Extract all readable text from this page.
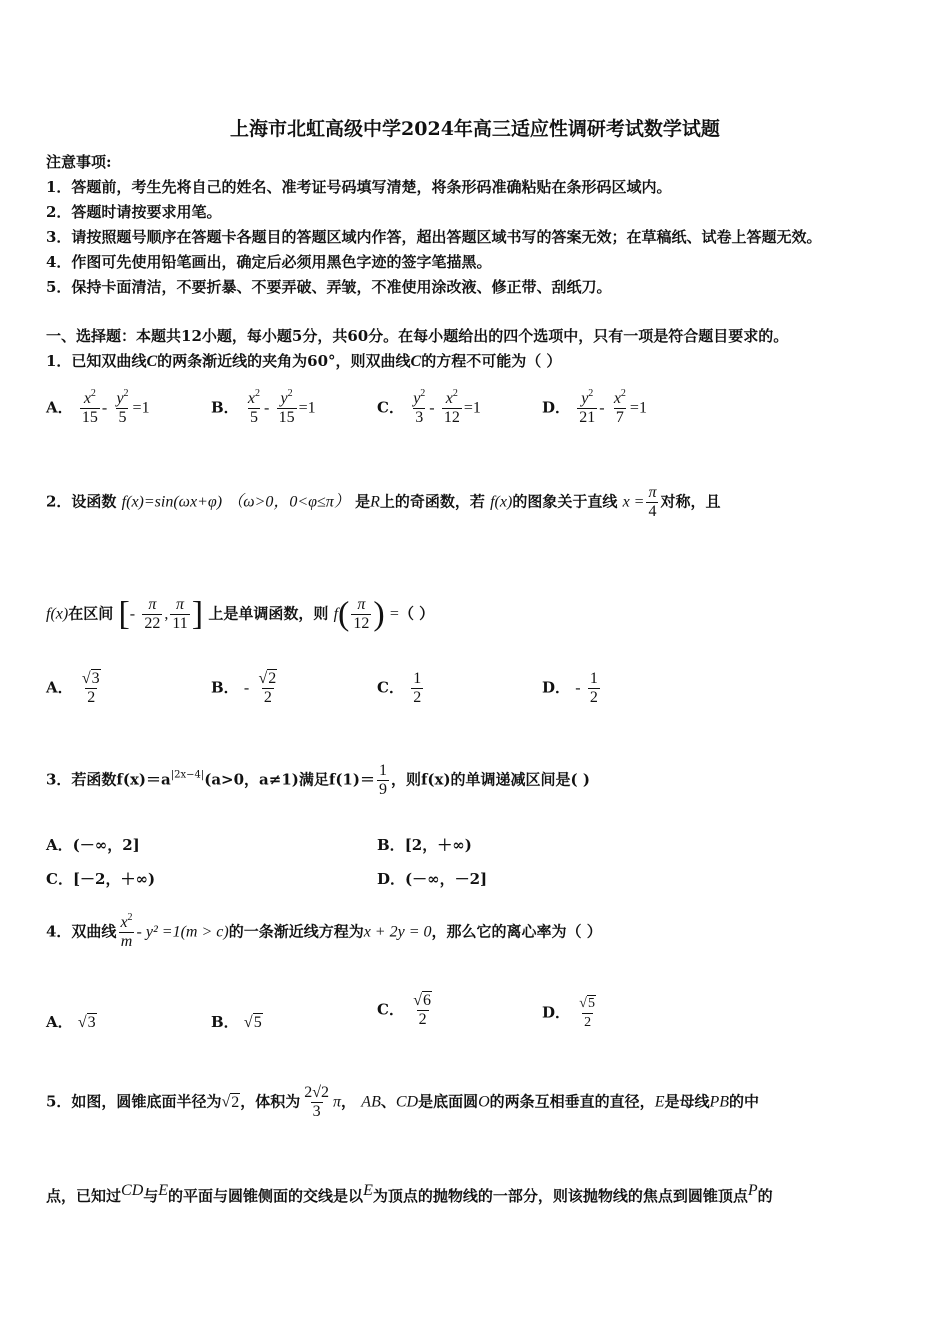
上海市北虹高级中学2024年高三适应性调研考试数学试题
注意事项:
1．答题前，考生先将自己的姓名、准考证号码填写清楚，将条形码准确粘贴在条形码区域内。
2．答题时请按要求用笔。
3．请按照题号顺序在答题卡各题目的答题区域内作答，超出答题区域书写的答案无效；在草稿纸、试卷上答题无效。
4．作图可先使用铅笔画出，确定后必须用黑色字迹的签字笔描黑。
5．保持卡面清洁，不要折暴、不要弄破、弄皱，不准使用涂改液、修正带、刮纸刀。
一、选择题：本题共12小题，每小题5分，共60分。在每小题给出的四个选项中，只有一项是符合题目要求的。
1．已知双曲线C的两条渐近线的夹角为60°，则双曲线C的方程不可能为（ ）
A． $\frac{x^2}{15} - \frac{y^2}{5} =1$	B． $\frac{x^2}{5} - \frac{y^2}{15} =1$	C． $\frac{y^2}{3} - \frac{x^2}{12} =1$	D． $\frac{y^2}{21} - \frac{x^2}{7} =1$
2．设函数 f(x)=sin(ωx+φ) （ω>0，0<φ≤π） 是R上的奇函数，若 f(x)的图象关于直线 $x = \frac{\pi}{4}$ 对称，且
f(x)在区间 [- $\frac{\pi}{22}$ , $\frac{\pi}{11}$ ] 上是单调函数，则 $f( \frac{\pi}{12}$ ) =（ ）
A． $\frac{√3}{2}$	B． - $\frac{√2}{2}$	C． $\frac{1}{2}$	D． - $\frac{1}{2}$
3．若函数$f(x)=a^{|2x-4|}(a>0$，a≠1)满足$f(1)= \frac{1}{9}$ ，则f(x)的单调递减区间是( )
A．(－∞，2]	B．[2，＋∞)
C．[－2，＋∞)	D．(－∞，－2]
4．双曲线 $\frac{x^2}{m} - y^2 =1(m > c)$的一条渐近线方程为x + 2y = 0，那么它的离心率为（ ）
A． √3	B． √5
C． $\frac{√6}{2}$	D． $\frac{√5}{2}$
5．如图，圆锥底面半径为√2，体积为 $\frac{2√2}{3}$ π， AB、CD是底面圆O的两条互相垂直的直径，E是母线PB的中
点，已知过CD与E的平面与圆锥侧面的交线是以E为顶点的抛物线的一部分，则该抛物线的焦点到圆锥顶点P的
